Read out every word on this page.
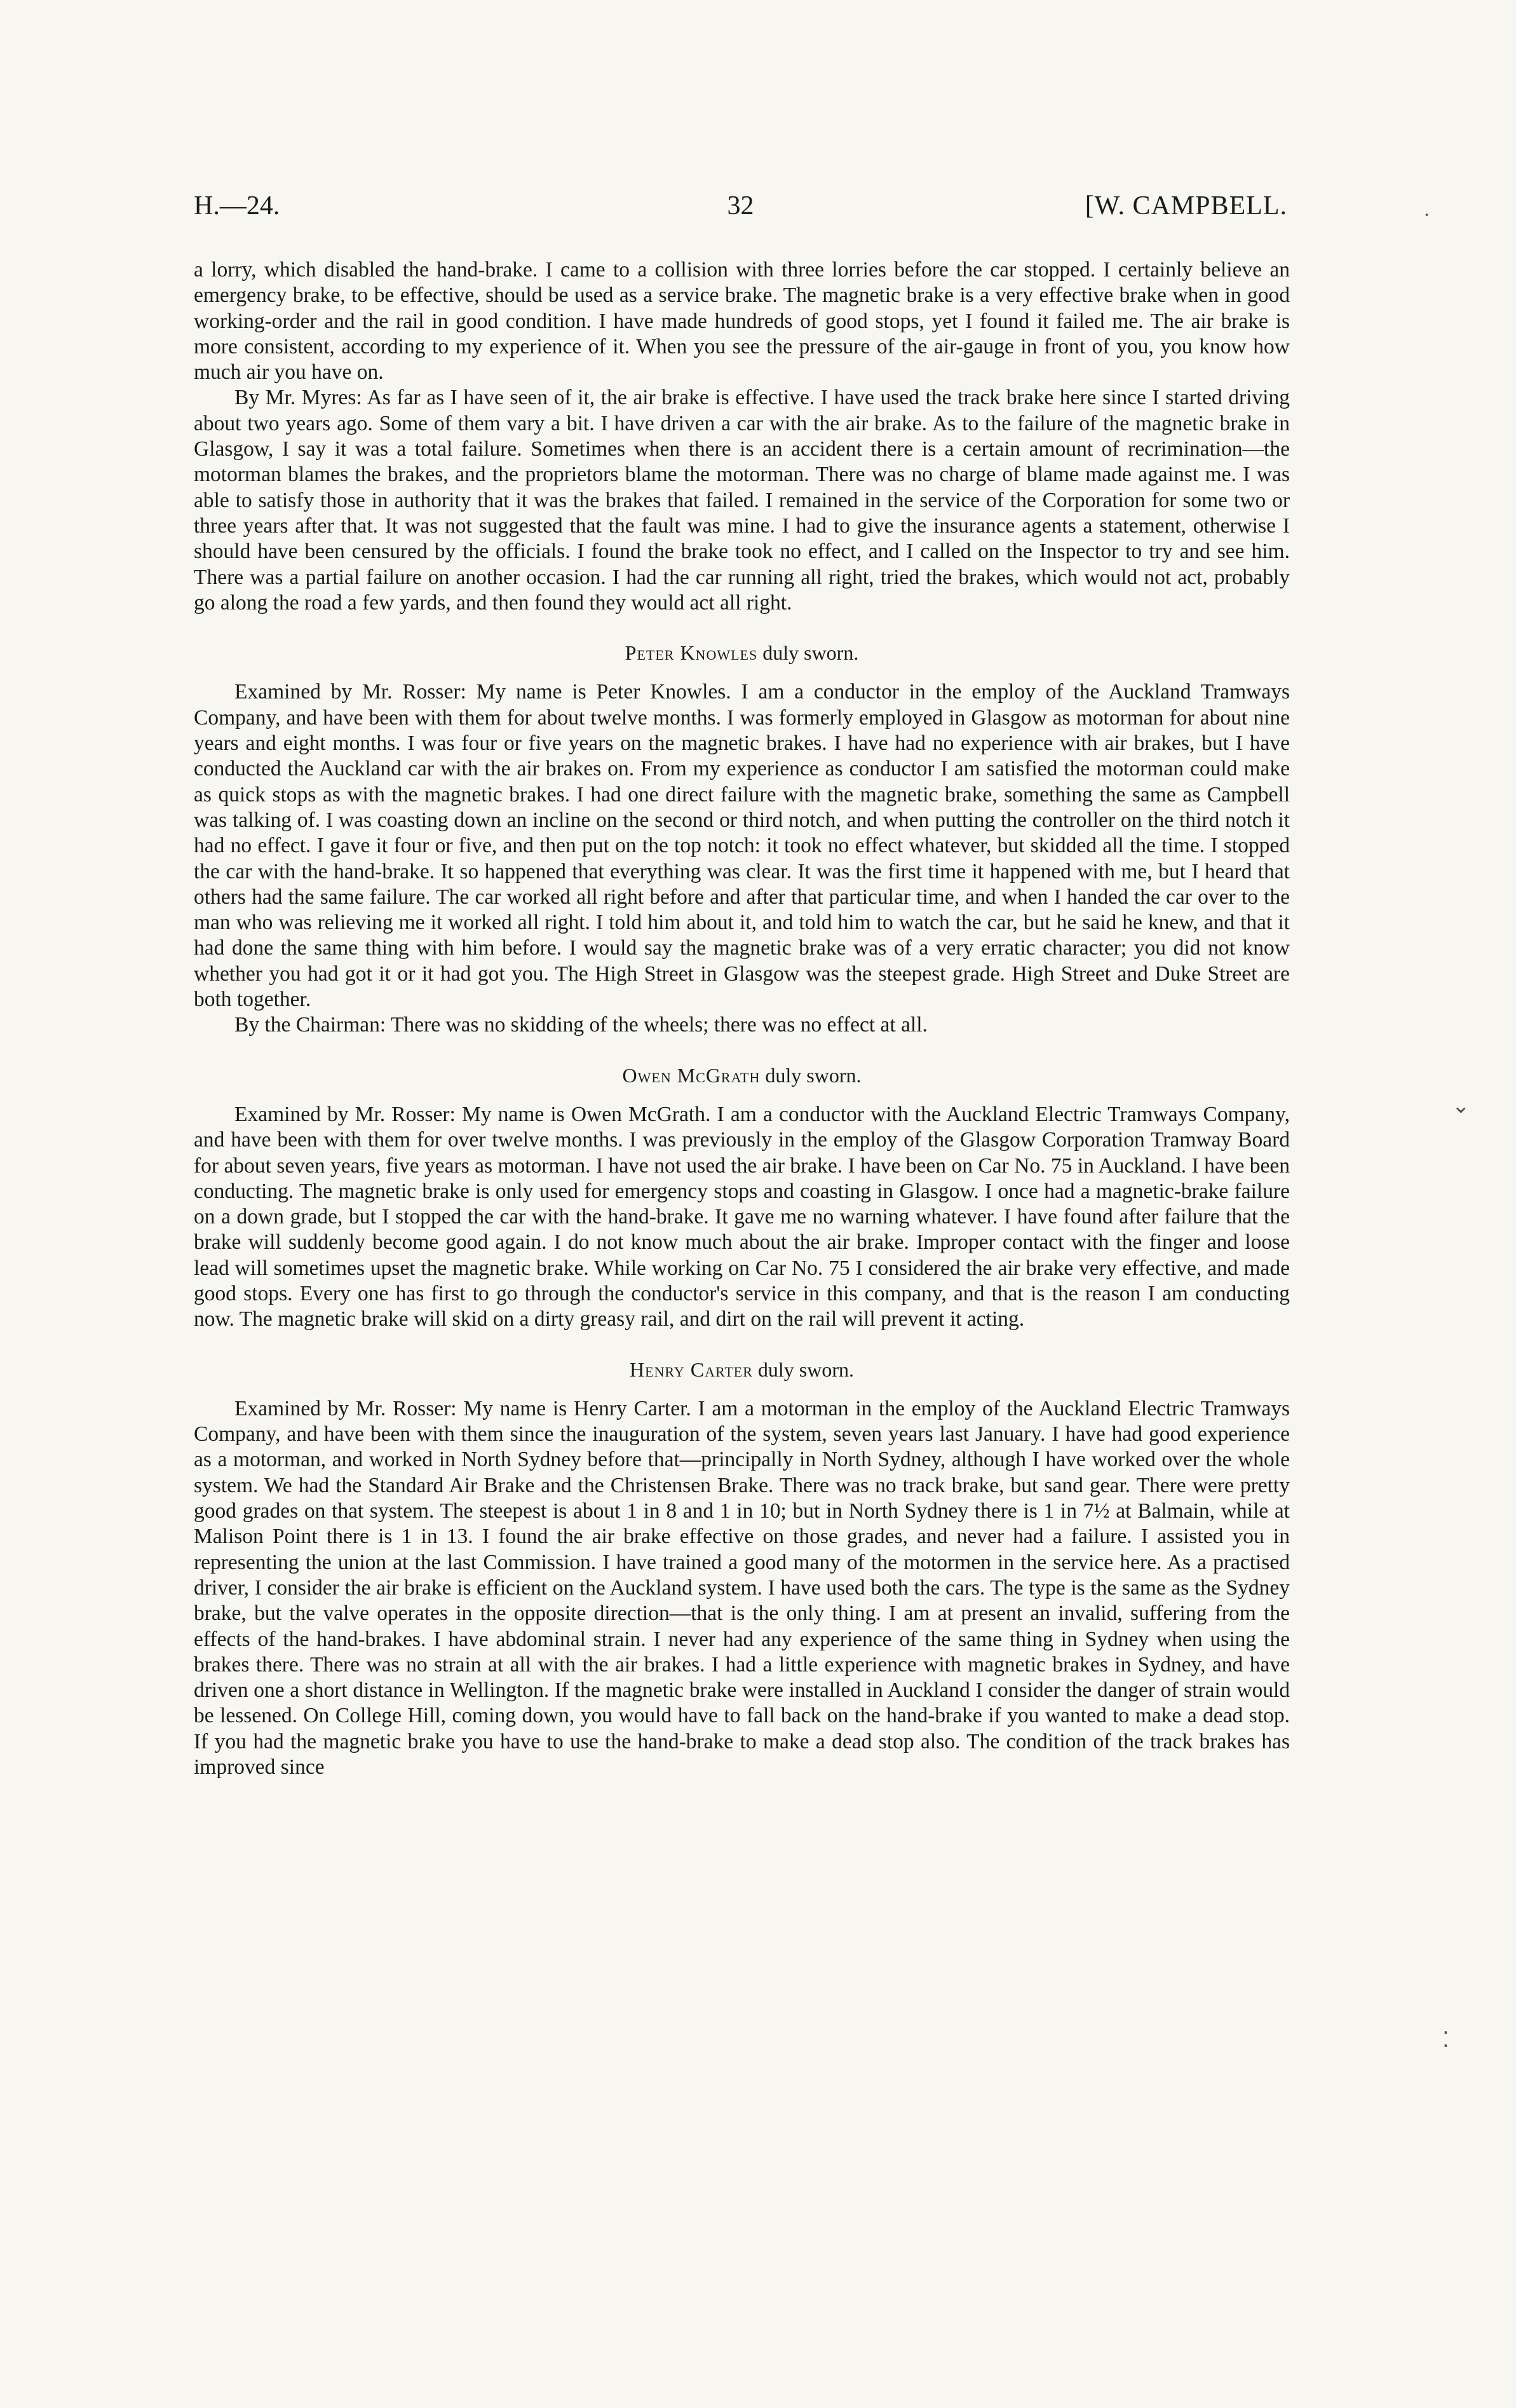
H.—24.	32	[W. CAMPBELL.

a lorry, which disabled the hand-brake. I came to a collision with three lorries before the car stopped. I certainly believe an emergency brake, to be effective, should be used as a service brake. The magnetic brake is a very effective brake when in good working-order and the rail in good condition. I have made hundreds of good stops, yet I found it failed me. The air brake is more consistent, according to my experience of it. When you see the pressure of the air-gauge in front of you, you know how much air you have on.

By Mr. Myres: As far as I have seen of it, the air brake is effective. I have used the track brake here since I started driving about two years ago. Some of them vary a bit. I have driven a car with the air brake. As to the failure of the magnetic brake in Glasgow, I say it was a total failure. Sometimes when there is an accident there is a certain amount of recrimination—the motorman blames the brakes, and the proprietors blame the motorman. There was no charge of blame made against me. I was able to satisfy those in authority that it was the brakes that failed. I remained in the service of the Corporation for some two or three years after that. It was not suggested that the fault was mine. I had to give the insurance agents a statement, otherwise I should have been censured by the officials. I found the brake took no effect, and I called on the Inspector to try and see him. There was a partial failure on another occasion. I had the car running all right, tried the brakes, which would not act, probably go along the road a few yards, and then found they would act all right.

Peter Knowles duly sworn.

Examined by Mr. Rosser: My name is Peter Knowles. I am a conductor in the employ of the Auckland Tramways Company, and have been with them for about twelve months. I was formerly employed in Glasgow as motorman for about nine years and eight months. I was four or five years on the magnetic brakes. I have had no experience with air brakes, but I have conducted the Auckland car with the air brakes on. From my experience as conductor I am satisfied the motorman could make as quick stops as with the magnetic brakes. I had one direct failure with the magnetic brake, something the same as Campbell was talking of. I was coasting down an incline on the second or third notch, and when putting the controller on the third notch it had no effect. I gave it four or five, and then put on the top notch: it took no effect whatever, but skidded all the time. I stopped the car with the hand-brake. It so happened that everything was clear. It was the first time it happened with me, but I heard that others had the same failure. The car worked all right before and after that particular time, and when I handed the car over to the man who was relieving me it worked all right. I told him about it, and told him to watch the car, but he said he knew, and that it had done the same thing with him before. I would say the magnetic brake was of a very erratic character; you did not know whether you had got it or it had got you. The High Street in Glasgow was the steepest grade. High Street and Duke Street are both together.

By the Chairman: There was no skidding of the wheels; there was no effect at all.

Owen McGrath duly sworn.

Examined by Mr. Rosser: My name is Owen McGrath. I am a conductor with the Auckland Electric Tramways Company, and have been with them for over twelve months. I was previously in the employ of the Glasgow Corporation Tramway Board for about seven years, five years as motorman. I have not used the air brake. I have been on Car No. 75 in Auckland. I have been conducting. The magnetic brake is only used for emergency stops and coasting in Glasgow. I once had a magnetic-brake failure on a down grade, but I stopped the car with the hand-brake. It gave me no warning whatever. I have found after failure that the brake will suddenly become good again. I do not know much about the air brake. Improper contact with the finger and loose lead will sometimes upset the magnetic brake. While working on Car No. 75 I considered the air brake very effective, and made good stops. Every one has first to go through the conductor's service in this company, and that is the reason I am conducting now. The magnetic brake will skid on a dirty greasy rail, and dirt on the rail will prevent it acting.

Henry Carter duly sworn.

Examined by Mr. Rosser: My name is Henry Carter. I am a motorman in the employ of the Auckland Electric Tramways Company, and have been with them since the inauguration of the system, seven years last January. I have had good experience as a motorman, and worked in North Sydney before that—principally in North Sydney, although I have worked over the whole system. We had the Standard Air Brake and the Christensen Brake. There was no track brake, but sand gear. There were pretty good grades on that system. The steepest is about 1 in 8 and 1 in 10; but in North Sydney there is 1 in 7½ at Balmain, while at Malison Point there is 1 in 13. I found the air brake effective on those grades, and never had a failure. I assisted you in representing the union at the last Commission. I have trained a good many of the motormen in the service here. As a practised driver, I consider the air brake is efficient on the Auckland system. I have used both the cars. The type is the same as the Sydney brake, but the valve operates in the opposite direction—that is the only thing. I am at present an invalid, suffering from the effects of the hand-brakes. I have abdominal strain. I never had any experience of the same thing in Sydney when using the brakes there. There was no strain at all with the air brakes. I had a little experience with magnetic brakes in Sydney, and have driven one a short distance in Wellington. If the magnetic brake were installed in Auckland I consider the danger of strain would be lessened. On College Hill, coming down, you would have to fall back on the hand-brake if you wanted to make a dead stop. If you had the magnetic brake you have to use the hand-brake to make a dead stop also. The condition of the track brakes has improved since

·
⌄
⁚
